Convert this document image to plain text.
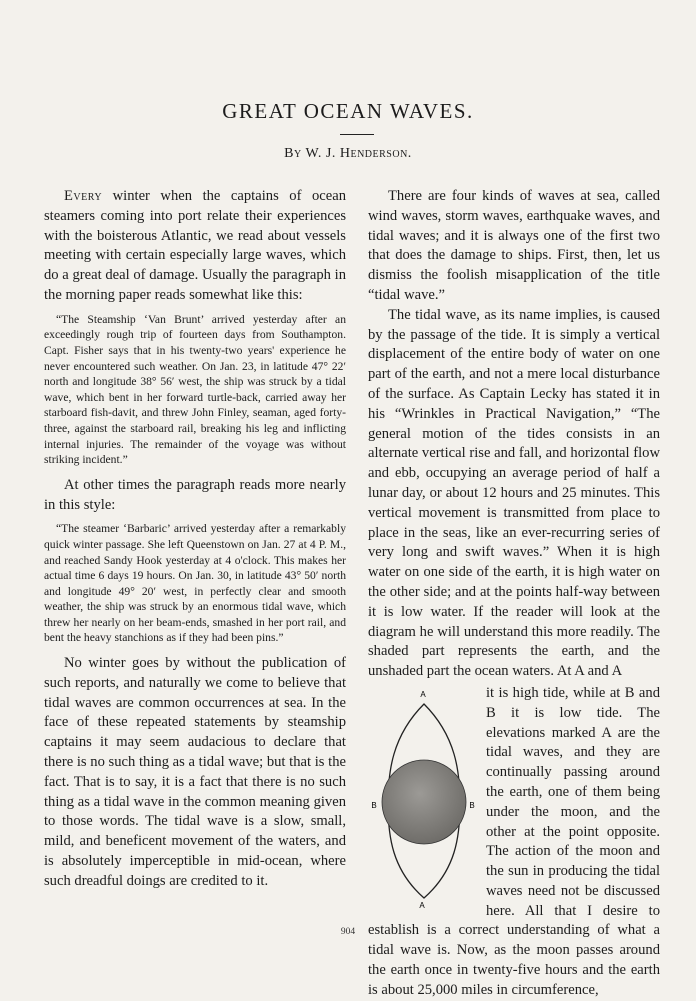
GREAT OCEAN WAVES.
By W. J. Henderson.

Every winter when the captains of ocean steamers coming into port relate their experiences with the boisterous Atlantic, we read about vessels meeting with certain especially large waves, which do a great deal of damage. Usually the paragraph in the morning paper reads somewhat like this:

“The Steamship ‘Van Brunt’ arrived yesterday after an exceedingly rough trip of fourteen days from Southampton. Capt. Fisher says that in his twenty-two years' experience he never encountered such weather. On Jan. 23, in latitude 47° 22′ north and longitude 38° 56′ west, the ship was struck by a tidal wave, which bent in her forward turtle-back, carried away her starboard fish-davit, and threw John Finley, seaman, aged forty-three, against the starboard rail, breaking his leg and inflicting internal injuries. The remainder of the voyage was without striking incident.”

At other times the paragraph reads more nearly in this style:

“The steamer ‘Barbaric’ arrived yesterday after a remarkably quick winter passage. She left Queenstown on Jan. 27 at 4 P. M., and reached Sandy Hook yesterday at 4 o'clock. This makes her actual time 6 days 19 hours. On Jan. 30, in latitude 43° 50′ north and longitude 49° 20′ west, in perfectly clear and smooth weather, the ship was struck by an enormous tidal wave, which threw her nearly on her beam-ends, smashed in her port rail, and bent the heavy stanchions as if they had been pins.”

No winter goes by without the publication of such reports, and naturally we come to believe that tidal waves are common occurrences at sea. In the face of these repeated statements by steamship captains it may seem audacious to declare that there is no such thing as a tidal wave; but that is the fact. That is to say, it is a fact that there is no such thing as a tidal wave in the common meaning given to those words. The tidal wave is a slow, small, mild, and beneficent movement of the waters, and is absolutely imperceptible in mid-ocean, where such dreadful doings are credited to it.

There are four kinds of waves at sea, called wind waves, storm waves, earthquake waves, and tidal waves; and it is always one of the first two that does the damage to ships. First, then, let us dismiss the foolish misapplication of the title “tidal wave.”

The tidal wave, as its name implies, is caused by the passage of the tide. It is simply a vertical displacement of the entire body of water on one part of the earth, and not a mere local disturbance of the surface. As Captain Lecky has stated it in his “Wrinkles in Practical Navigation,” “The general motion of the tides consists in an alternate vertical rise and fall, and horizontal flow and ebb, occupying an average period of half a lunar day, or about 12 hours and 25 minutes. This vertical movement is transmitted from place to place in the seas, like an ever-recurring series of very long and swift waves.” When it is high water on one side of the earth, it is high water on the other side; and at the points half-way between it is low water. If the reader will look at the diagram he will understand this more readily. The shaded part represents the earth, and the unshaded part the ocean waters. At A and A

A
A
B	B

it is high tide, while at B and B it is low tide. The elevations marked A are the tidal waves, and they are continually passing around the earth, one of them being under the moon, and the other at the point opposite. The action of the moon and the sun in producing the tidal waves need not be discussed here. All that I desire to establish is a correct understanding of what a tidal wave is. Now, as the moon passes around the earth once in twenty-five hours and the earth is about 25,000 miles in circumference,

904
